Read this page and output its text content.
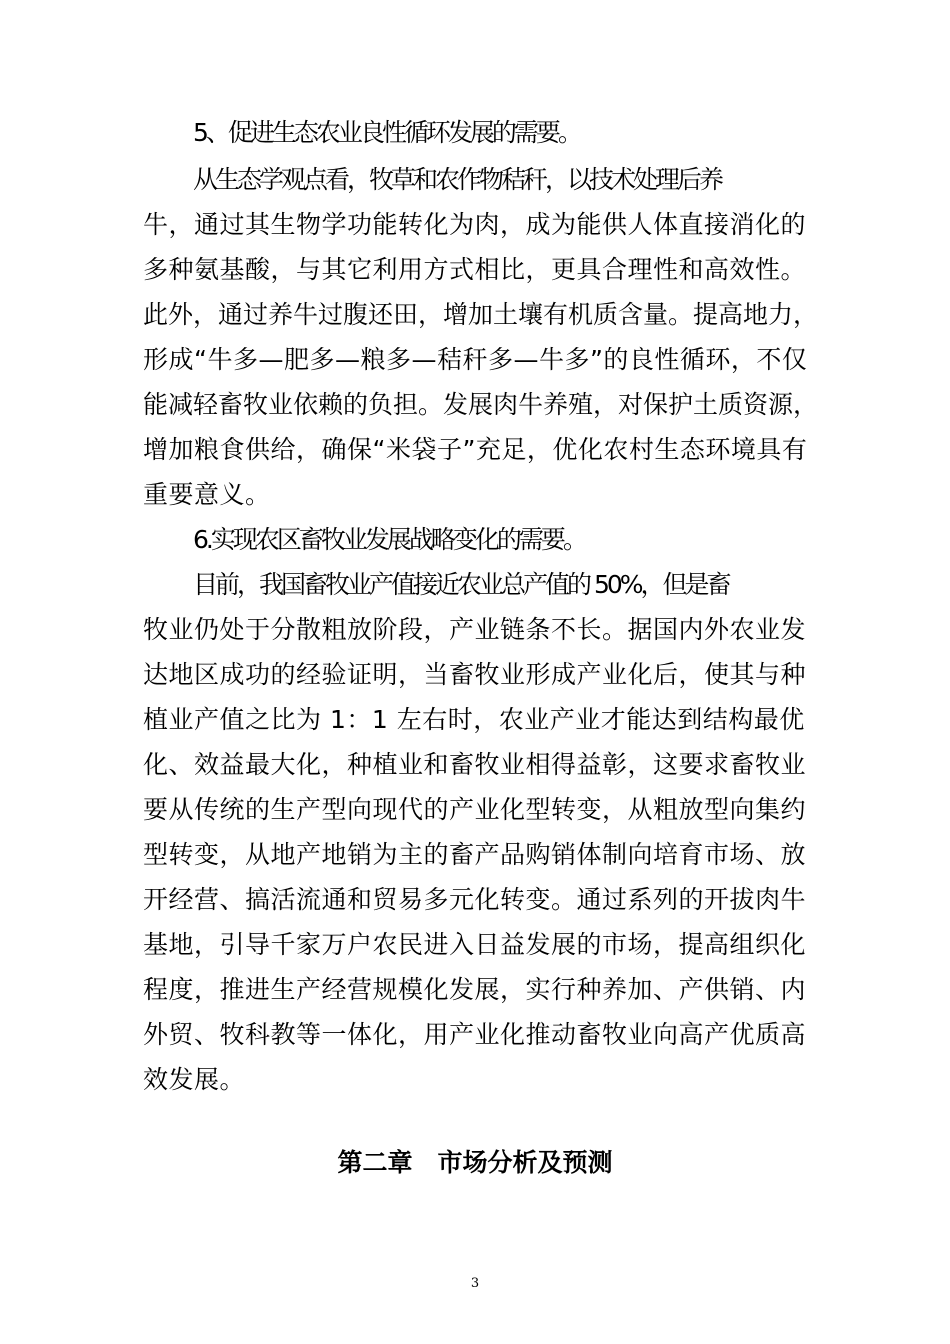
5、促进生态农业良性循环发展的需要。
从生态学观点看，牧草和农作物秸秆，以技术处理后养
牛，通过其生物学功能转化为肉，成为能供人体直接消化的
多种氨基酸，与其它利用方式相比，更具合理性和高效性。
此外，通过养牛过腹还田，增加土壤有机质含量。提高地力，
形成“牛多—肥多—粮多—秸秆多—牛多”的良性循环，不仅
能减轻畜牧业依赖的负担。发展肉牛养殖，对保护土质资源，
增加粮食供给，确保“米袋子”充足，优化农村生态环境具有
重要意义。
6.实现农区畜牧业发展战略变化的需要。
目前，我国畜牧业产值接近农业总产值的 50%，但是畜
牧业仍处于分散粗放阶段，产业链条不长。据国内外农业发
达地区成功的经验证明，当畜牧业形成产业化后，使其与种
植业产值之比为 1：1 左右时，农业产业才能达到结构最优
化、效益最大化，种植业和畜牧业相得益彰，这要求畜牧业
要从传统的生产型向现代的产业化型转变，从粗放型向集约
型转变，从地产地销为主的畜产品购销体制向培育市场、放
开经营、搞活流通和贸易多元化转变。通过系列的开拔肉牛
基地，引导千家万户农民进入日益发展的市场，提高组织化
程度，推进生产经营规模化发展，实行种养加、产供销、内
外贸、牧科教等一体化，用产业化推动畜牧业向高产优质高
效发展。
第二章　市场分析及预测
3
